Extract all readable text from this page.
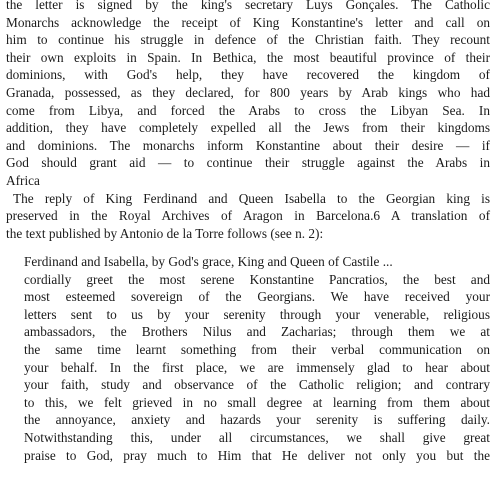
the letter is signed by the king's secretary Luys Gonçales. The Catholic

Monarchs acknowledge the receipt of King Konstantine's letter and call on

him to continue his struggle in defence of the Christian faith. They recount

their own exploits in Spain. In Bethica, the most beautiful province of their

dominions, with God's help, they have recovered the kingdom of

Granada, possessed, as they declared, for 800 years by Arab kings who had

come from Libya, and forced the Arabs to cross the Libyan Sea. In

addition, they have completely expelled all the Jews from their kingdoms

and dominions. The monarchs inform Konstantine about their desire — if

God should grant aid — to continue their struggle against the Arabs in

Africa

The reply of King Ferdinand and Queen Isabella to the Georgian king is

preserved in the Royal Archives of Aragon in Barcelona.6 A translation of

the text published by Antonio de la Torre follows (see n. 2):

Ferdinand and Isabella, by God's grace, King and Queen of Castile ...

cordially greet the most serene Konstantine Pancratios, the best and

most esteemed sovereign of the Georgians. We have received your

letters sent to us by your serenity through your venerable, religious

ambassadors, the Brothers Nilus and Zacharias; through them we at

the same time learnt something from their verbal communication on

your behalf. In the first place, we are immensely glad to hear about

your faith, study and observance of the Catholic religion; and contrary

to this, we felt grieved in no small degree at learning from them about

the annoyance, anxiety and hazards your serenity is suffering daily.

Notwithstanding this, under all circumstances, we shall give great

praise to God, pray much to Him that He deliver not only you but the
